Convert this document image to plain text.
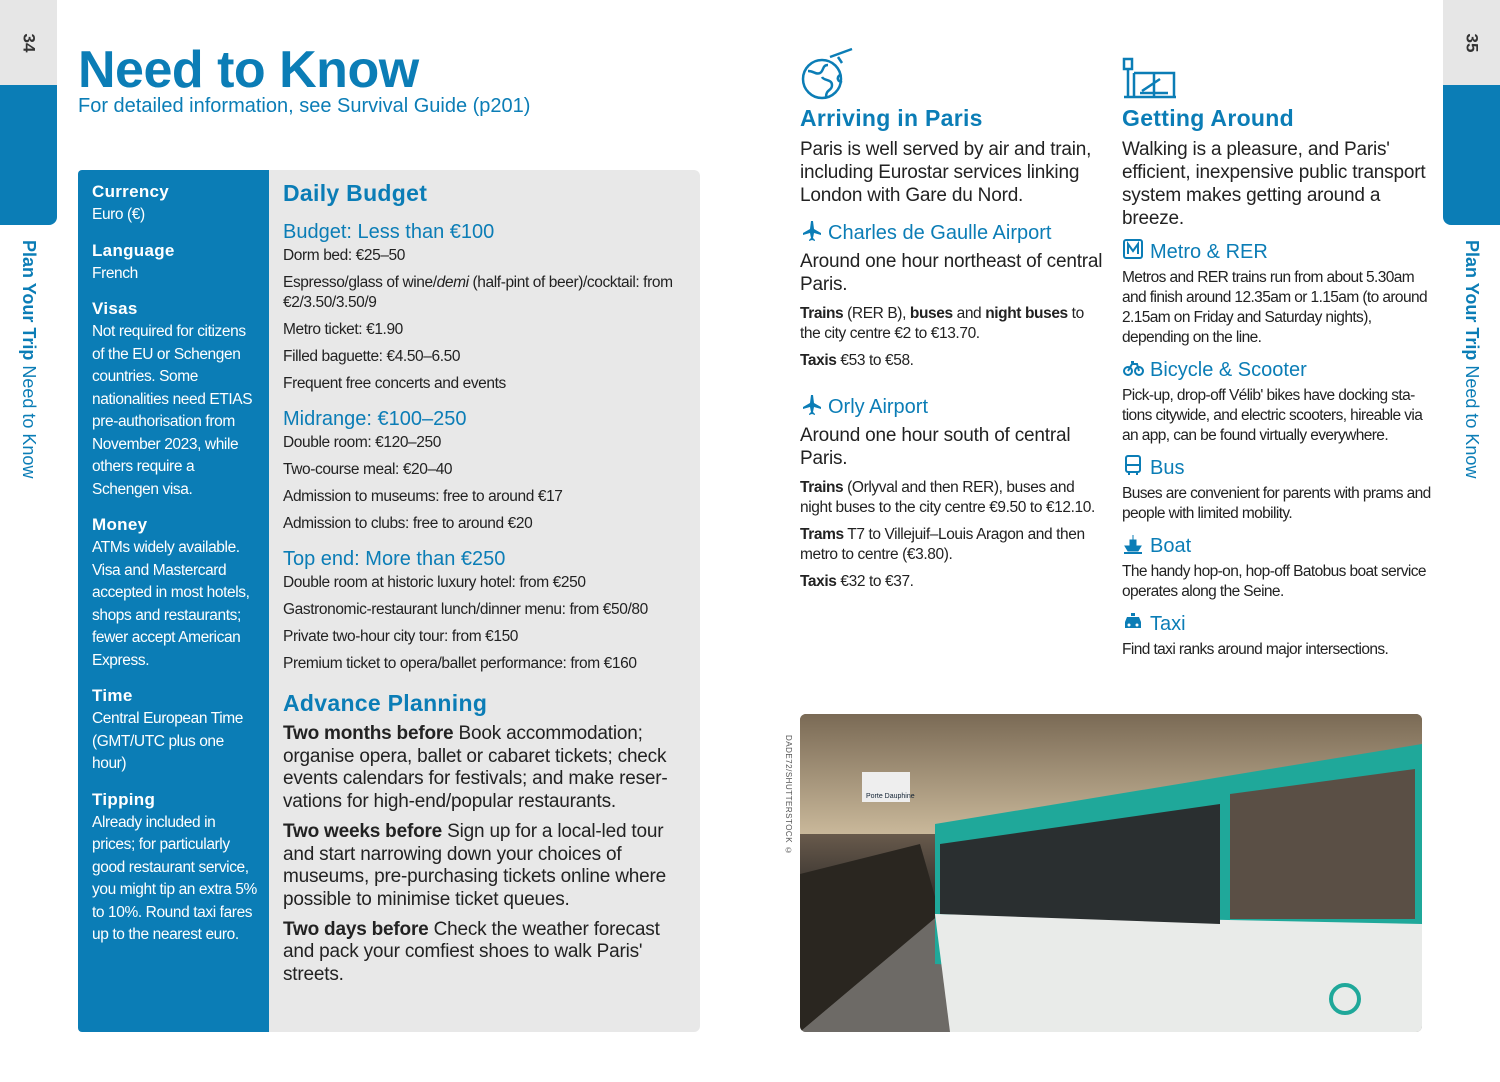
34
Plan Your Trip Need to Know
35
Plan Your Trip Need to Know
Need to Know
For detailed information, see Survival Guide (p201)
Currency

Euro (€)

Language

French

Visas

Not required for citizens of the EU or Schengen countries. Some nationalities need ETIAS pre-authorisation from November 2023, while others require a Schengen visa.

Money

ATMs widely available. Visa and Mastercard accepted in most hotels, shops and restaurants; fewer accept American Express.

Time

Central European Time (GMT/UTC plus one hour)

Tipping

Already included in prices; for particularly good restaurant service, you might tip an extra 5% to 10%. Round taxi fares up to the nearest euro.

Daily Budget
Budget: Less than €100
Dorm bed: €25–50
Espresso/glass of wine/demi (half-pint of beer)/cocktail: from €2/3.50/3.50/9
Metro ticket: €1.90
Filled baguette: €4.50–6.50
Frequent free concerts and events
Midrange: €100–250
Double room: €120–250
Two-course meal: €20–40
Admission to museums: free to around €17
Admission to clubs: free to around €20
Top end: More than €250
Double room at historic luxury hotel: from €250
Gastronomic-restaurant lunch/dinner menu: from €50/80
Private two-hour city tour: from €150
Premium ticket to opera/ballet performance: from €160
Advance Planning
Two months before Book accommodation; organise opera, ballet or cabaret tickets; check events calendars for festivals; and make reservations for high-end/popular restaurants.
Two weeks before Sign up for a local-led tour and start narrowing down your choices of museums, pre-purchasing tickets online where possible to minimise ticket queues.
Two days before Check the weather forecast and pack your comfiest shoes to walk Paris' streets.
Arriving in Paris
Paris is well served by air and train, including Eurostar services linking London with Gare du Nord.
Charles de Gaulle Airport
Around one hour northeast of central Paris.
Trains (RER B), buses and night buses to the city centre €2 to €13.70.
Taxis €53 to €58.
Orly Airport
Around one hour south of central Paris.
Trains (Orlyval and then RER), buses and night buses to the city centre €9.50 to €12.10.
Trams T7 to Villejuif–Louis Aragon and then metro to centre (€3.80).
Taxis €32 to €37.
Getting Around
Walking is a pleasure, and Paris' efficient, inexpensive public transport system makes getting around a breeze.
Metro & RER
Metros and RER trains run from about 5.30am and finish around 12.35am or 1.15am (to around 2.15am on Friday and Saturday nights), depending on the line.
Bicycle & Scooter
Pick-up, drop-off Vélib' bikes have docking stations citywide, and electric scooters, hireable via an app, can be found virtually everywhere.
Bus
Buses are convenient for parents with prams and people with limited mobility.
Boat
The handy hop-on, hop-off Batobus boat service operates along the Seine.
Taxi
Find taxi ranks around major intersections.
DADE72/SHUTTERSTOCK ©	Porte Dauphine
